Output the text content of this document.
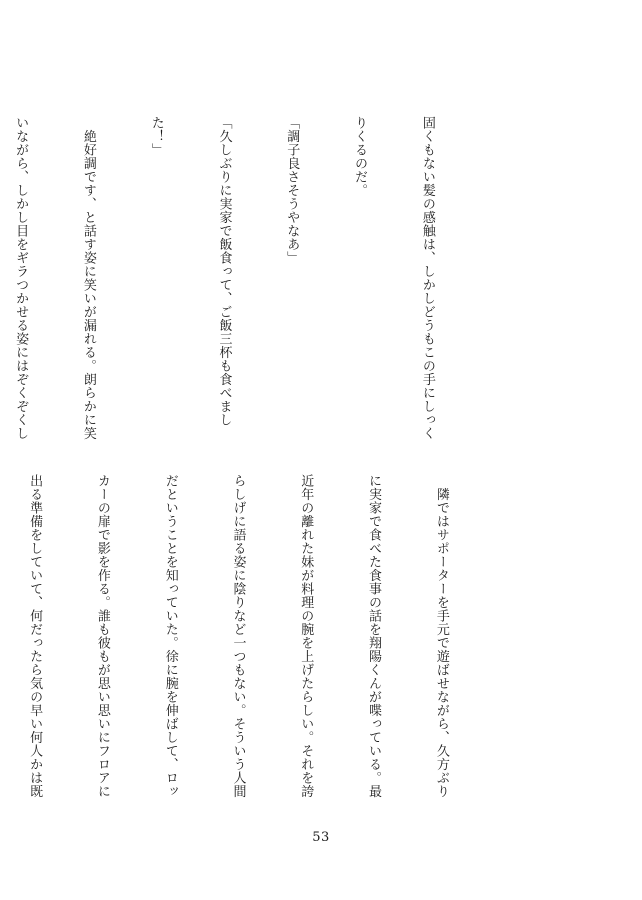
固くもない髪の感触は、しかしどうもこの手にしっく

りくるのだ。

「調子良さそうやなあ」

「久しぶりに実家で飯食って、ご飯三杯も食べまし

た！」

　絶好調です、と話す姿に笑いが漏れる。朗らかに笑

いながら、しかし目をギラつかせる姿にはぞくぞくし

　隣ではサポーターを手元で遊ばせながら、久方ぶり

に実家で食べた食事の話を翔陽くんが喋っている。最

近年の離れた妹が料理の腕を上げたらしい。それを誇

らしげに語る姿に陰りなど一つもない。そういう人間

だということを知っていた。徐に腕を伸ばして、ロッ

カーの扉で影を作る。誰も彼もが思い思いにフロアに

出る準備をしていて、何だったら気の早い何人かは既

53
